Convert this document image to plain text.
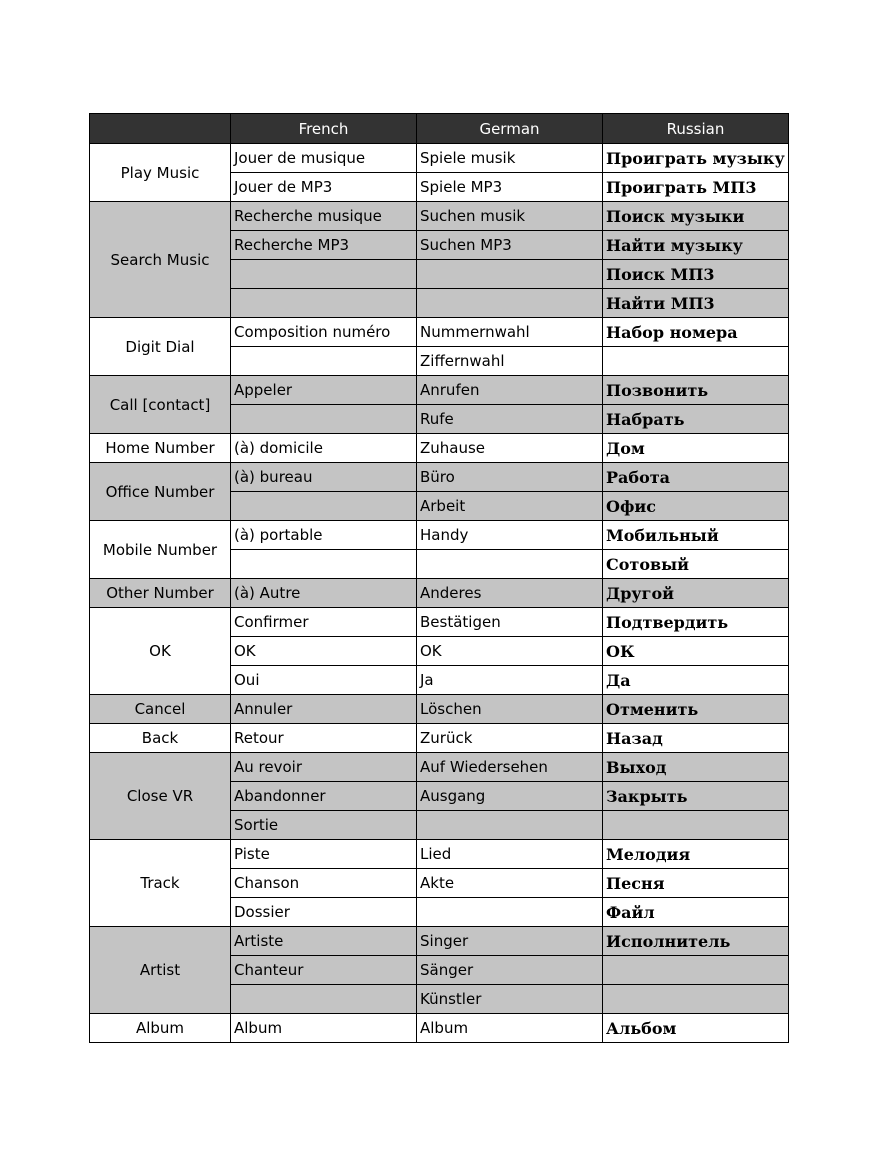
	French	German	Russian
Play Music	Jouer de musique	Spiele musik	Проиграть музыку
	Jouer de MP3	Spiele MP3	Проиграть МП3
Search Music	Recherche musique	Suchen musik	Поиск музыки
	Recherche MP3	Suchen MP3	Найти музыку
			Поиск МП3
			Найти МП3
Digit Dial	Composition numéro	Nummernwahl	Набор номера
		Ziffernwahl	
Call [contact]	Appeler	Anrufen	Позвонить
		Rufe	Набрать
Home Number	(à) domicile	Zuhause	Дом
Office Number	(à) bureau	Büro	Работа
		Arbeit	Офис
Mobile Number	(à) portable	Handy	Мобильный
			Сотовый
Other Number	(à) Autre	Anderes	Другой
OK	Confirmer	Bestätigen	Подтвердить
	OK	OK	ОК
	Oui	Ja	Да
Cancel	Annuler	Löschen	Отменить
Back	Retour	Zurück	Назад
Close VR	Au revoir	Auf Wiedersehen	Выход
	Abandonner	Ausgang	Закрыть
	Sortie		
Track	Piste	Lied	Мелодия
	Chanson	Akte	Песня
	Dossier		Файл
Artist	Artiste	Singer	Исполнитель
	Chanteur	Sänger	
		Künstler	
Album	Album	Album	Альбом
